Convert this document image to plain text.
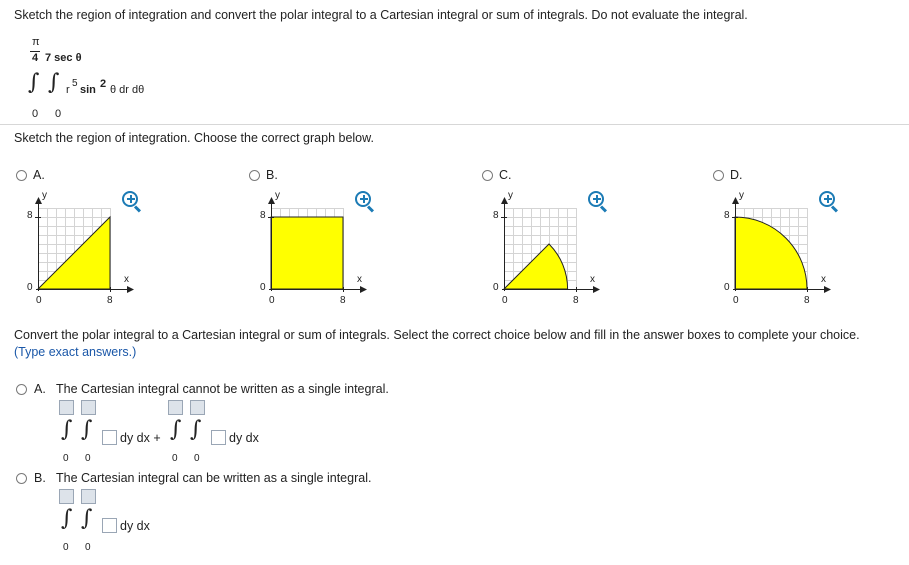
Sketch the region of integration and convert the polar integral to a Cartesian integral or sum of integrals. Do not evaluate the integral.
π
4 7 sec θ
∫ ∫ r
5
sin 2 θ dr dθ
0 0
Sketch the region of integration. Choose the correct graph below.
A.
y
8
0
x
0	8
B.
y
8
0
x
0	8
C.
y
8
0
x
0	8
D.
y
8
0
x
0	8
Convert the polar integral to a Cartesian integral or sum of integrals. Select the correct choice below and fill in the answer boxes to complete your choice.
(Type exact answers.)
A. The Cartesian integral cannot be written as a single integral.
∫ ∫ dy dx +
0 0
∫ ∫ dy dx
0 0
B. The Cartesian integral can be written as a single integral.
∫ ∫ dy dx
0 0
